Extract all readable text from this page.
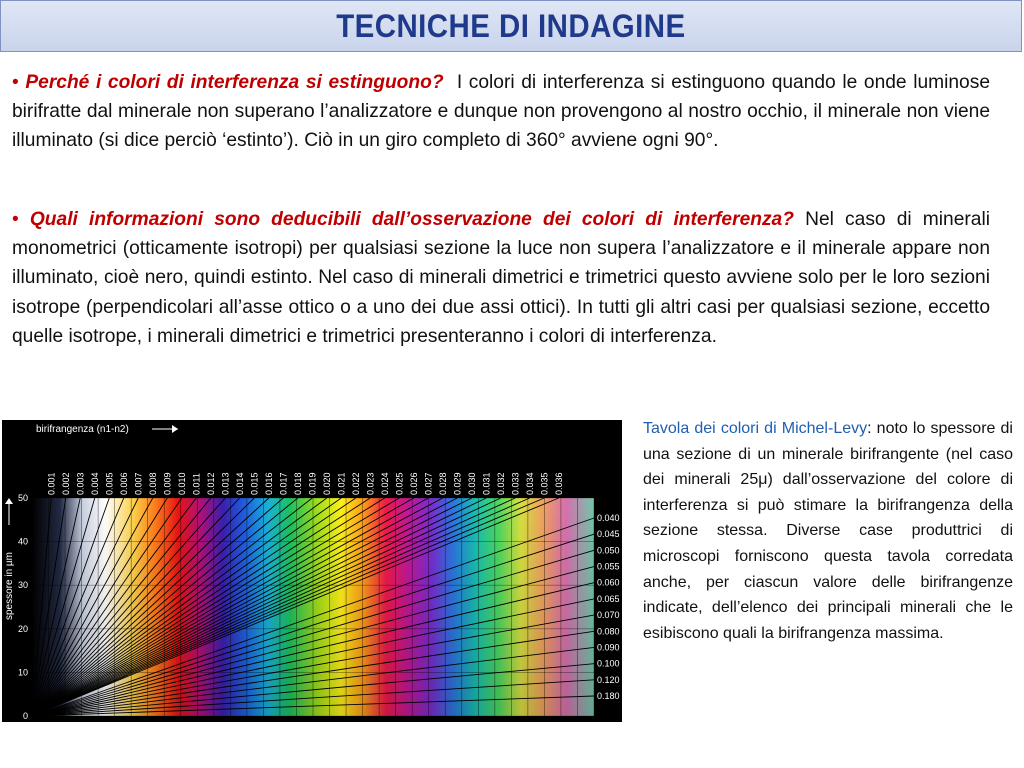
TECNICHE DI INDAGINE

• Perché i colori di interferenza si estinguono? I colori di interferenza si estinguono quando le onde luminose birifratte dal minerale non superano l’analizzatore e dunque non provengono al nostro occhio, il minerale non viene illuminato (si dice perciò ‘estinto’). Ciò in un giro completo di 360° avviene ogni 90°.

• Quali informazioni sono deducibili dall’osservazione dei colori di interferenza? Nel caso di minerali monometrici (otticamente isotropi) per qualsiasi sezione la luce non supera l’analizzatore e il minerale appare non illuminato, cioè nero, quindi estinto. Nel caso di minerali dimetrici e trimetrici questo avviene solo per le loro sezioni isotrope (perpendicolari all’asse ottico o a uno dei due assi ottici). In tutti gli altri casi per qualsiasi sezione, eccetto quelle isotrope, i minerali dimetrici e trimetrici presenteranno i colori di interferenza.

Tavola dei colori di Michel-Levy: noto lo spessore di una sezione di un minerale birifrangente (nel caso dei minerali 25μ) dall’osservazione del colore di interferenza si può stimare la birifrangenza della sezione stessa. Diverse case produttrici di microscopi forniscono questa tavola corredata anche, per ciascun valore delle birifrangenze indicate, dell’elenco dei principali minerali che le esibiscono quali la birifrangenza massima.

0.001 0.002 0.003 0.004 0.005 0.006 0.007 0.008 0.009 0.010 0.011 0.012 0.013 0.014 0.015 0.016 0.017 0.018 0.019 0.020 0.021 0.022 0.023 0.024 0.025 0.026 0.027 0.028 0.029 0.030 0.031 0.032 0.033 0.034 0.035 0.036
birifrangenza (n1-n2)
spessore in µm
50
40
30
20
10
0
0.040
0.045
0.050
0.055
0.060
0.065
0.070
0.080
0.090
0.100
0.120
0.180
